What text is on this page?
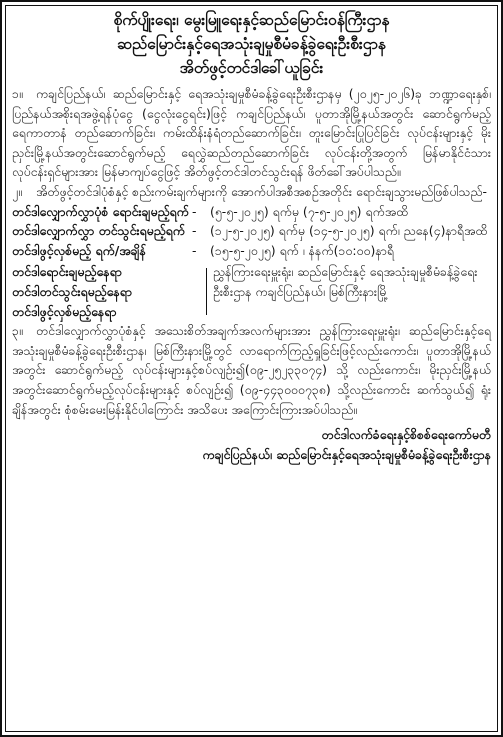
စိုက်ပျိုးရေး၊ မွေးမြူရေးနှင့်ဆည်မြောင်းဝန်ကြီးဌာန
ဆည်မြောင်းနှင့်ရေအသုံးချမှုစီမံခန့်ခွဲရေးဦးစီးဌာန
အိတ်ဖွင့်တင်ဒါခေါ်ယူခြင်း

၁။ ကချင်ပြည်နယ်၊ ဆည်မြောင်းနှင့် ရေအသုံးချမှုစီမံခန့်ခွဲရေးဦးစီးဌာနမှ (၂၀၂၅-၂၀၂၆)ခု ဘဏ္ဍာရေးနှစ်၊ ပြည်နယ်အစိုးရအဖွဲ့ရန်ပုံငွေ (ငွေလုံးငွေရင်း)ဖြင့် ကချင်ပြည်နယ်၊ ပူတာအိုမြို့နယ်အတွင်း ဆောင်ရွက်မည့် ရေကာတာနံ တည်ဆောက်ခြင်း၊ ကမ်းထိန်းနံရံတည်ဆောက်ခြင်း၊ တူးမြောင်းပြုပြင်ခြင်း လုပ်ငန်းများနှင့် မိုးညှင်းမြို့နယ်အတွင်းဆောင်ရွက်မည့် ရေလွှဲဆည်တည်ဆောက်ခြင်း လုပ်ငန်းတို့အတွက် မြန်မာနိုင်ငံသား လုပ်ငန်းရှင်များအား မြန်မာကျပ်ငွေဖြင့် အိတ်ဖွင့်တင်ဒါတင်သွင်းရန် ဖိတ်ခေါ်အပ်ပါသည်။

၂။ အိတ်ဖွင့်တင်ဒါပုံစံနှင့် စည်းကမ်းချက်များကို အောက်ပါအစီအစဉ်အတိုင်း ရောင်းချသွားမည်ဖြစ်ပါသည်-

တင်ဒါလျှောက်လွှာပုံစံ ရောင်းချမည့်ရက် -	(၅-၅-၂၀၂၅) ရက်မှ (၇-၅-၂၀၂၅) ရက်အထိ
တင်ဒါလျှောက်လွှာ တင်သွင်းရမည့်ရက် -	(၁၂-၅-၂၀၂၅) ရက်မှ (၁၄-၅-၂၀၂၅) ရက်၊ ညနေ(၄)နာရီအထိ
တင်ဒါဖွင့်လှစ်မည့် ရက်/အချိန်	-	(၁၅-၅-၂၀၂၅) ရက် ၊ နံနက်(၁၀:၀၀)နာရီ
တင်ဒါရောင်းချမည့်နေရာ
တင်ဒါတင်သွင်းရမည့်နေရာ
တင်ဒါဖွင့်လှစ်မည့်နေရာ
ညွှန်ကြားရေးမှူးရုံး၊ ဆည်မြောင်းနှင့် ရေအသုံးချမှုစီမံခန့်ခွဲရေးဦးစီးဌာန ကချင်ပြည်နယ်၊ မြစ်ကြီးနားမြို့

၃။ တင်ဒါလျှောက်လွှာပုံစံနှင့် အသေးစိတ်အချက်အလက်များအား ညွှန်ကြားရေးမှူးရုံး၊ ဆည်မြောင်းနှင့်ရေအသုံးချမှုစီမံခန့်ခွဲရေးဦးစီးဌာန၊ မြစ်ကြီးနားမြို့တွင် လာရောက်ကြည့်ရှုခြင်းဖြင့်လည်းကောင်း၊ ပူတာအိုမြို့နယ်အတွင်း ဆောင်ရွက်မည့် လုပ်ငန်းများနှင့်စပ်လျဉ်း၍(၀၉-၂၅၂၃၃၀၇၄) သို့ လည်းကောင်း၊ မိုးညှင်းမြို့နယ် အတွင်းဆောင်ရွက်မည့်လုပ်ငန်းများနှင့် စပ်လျဉ်း၍ (၀၉-၄၄၃၀၀၀၇၃၈) သို့လည်းကောင်း ဆက်သွယ်၍ ရုံးချိန်အတွင်း စုံစမ်းမေးမြန်းနိုင်ပါကြောင်း အသိပေး အကြောင်းကြားအပ်ပါသည်။

တင်ဒါလက်ခံရေးနှင့်စိစစ်ရေးကော်မတီ
ကချင်ပြည်နယ်၊ ဆည်မြောင်းနှင့်ရေအသုံးချမှုစီမံခန့်ခွဲရေးဦးစီးဌာန
